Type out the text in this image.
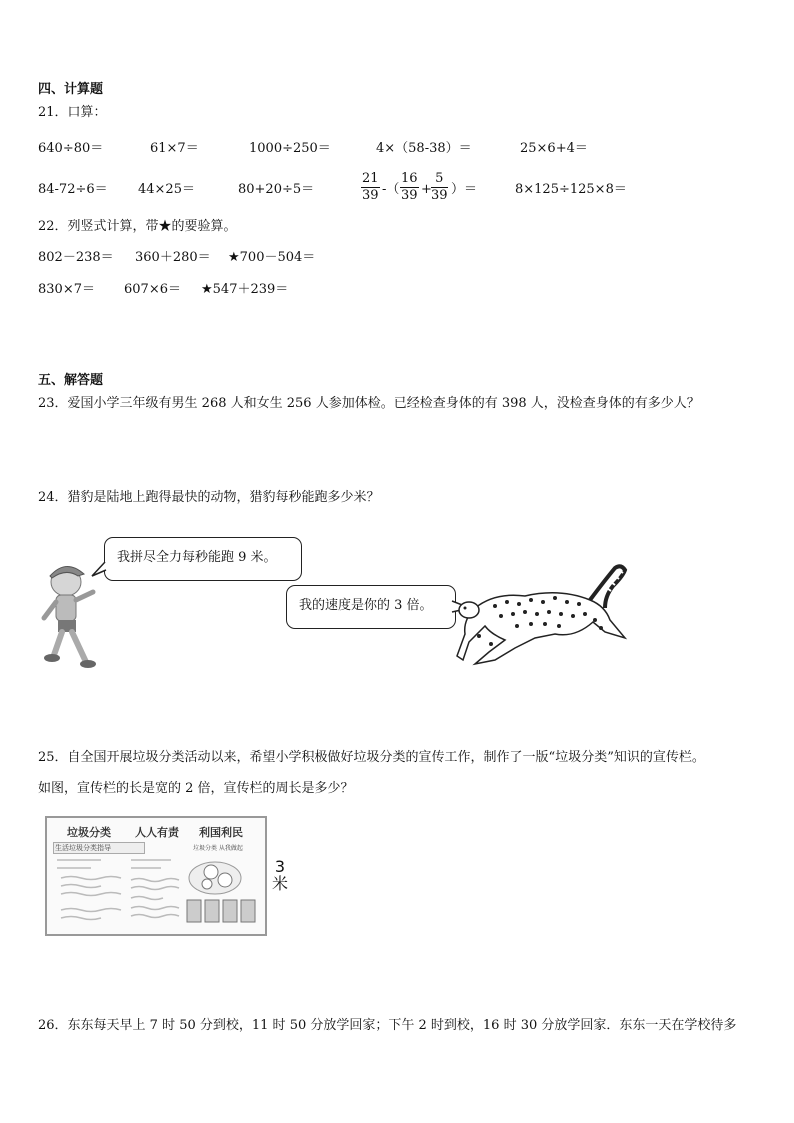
四、计算题
21．口算：
640÷80＝	61×7＝	1000÷250＝	4×（58-38）＝	25×6+4＝
84-72÷6＝ 44×25＝	80+20÷5＝	$\frac{21}{39}$ -（ $\frac{16}{39} + \frac{5}{39}$ ）＝	8×125÷125×8＝
22．列竖式计算，带★的要验算。
802－238＝ 360＋280＝ ★700－504＝
830×7＝ 607×6＝ ★547＋239＝
五、解答题
23．爱国小学三年级有男生 268 人和女生 256 人参加体检。已经检查身体的有 398 人，没检查身体的有多少人？
24．猎豹是陆地上跑得最快的动物，猎豹每秒能跑多少米？
我拼尽全力每秒能跑 9 米。
我的速度是你的 3 倍。
25．自全国开展垃圾分类活动以来，希望小学积极做好垃圾分类的宣传工作，制作了一版“垃圾分类”知识的宣传栏。
如图，宣传栏的长是宽的 2 倍，宣传栏的周长是多少？
垃圾分类 人人有责 利国利民
生活垃圾分类指导	垃圾分类 从我做起
3 米
26．东东每天早上 7 时 50 分到校，11 时 50 分放学回家；下午 2 时到校，16 时 30 分放学回家．东东一天在学校待多
